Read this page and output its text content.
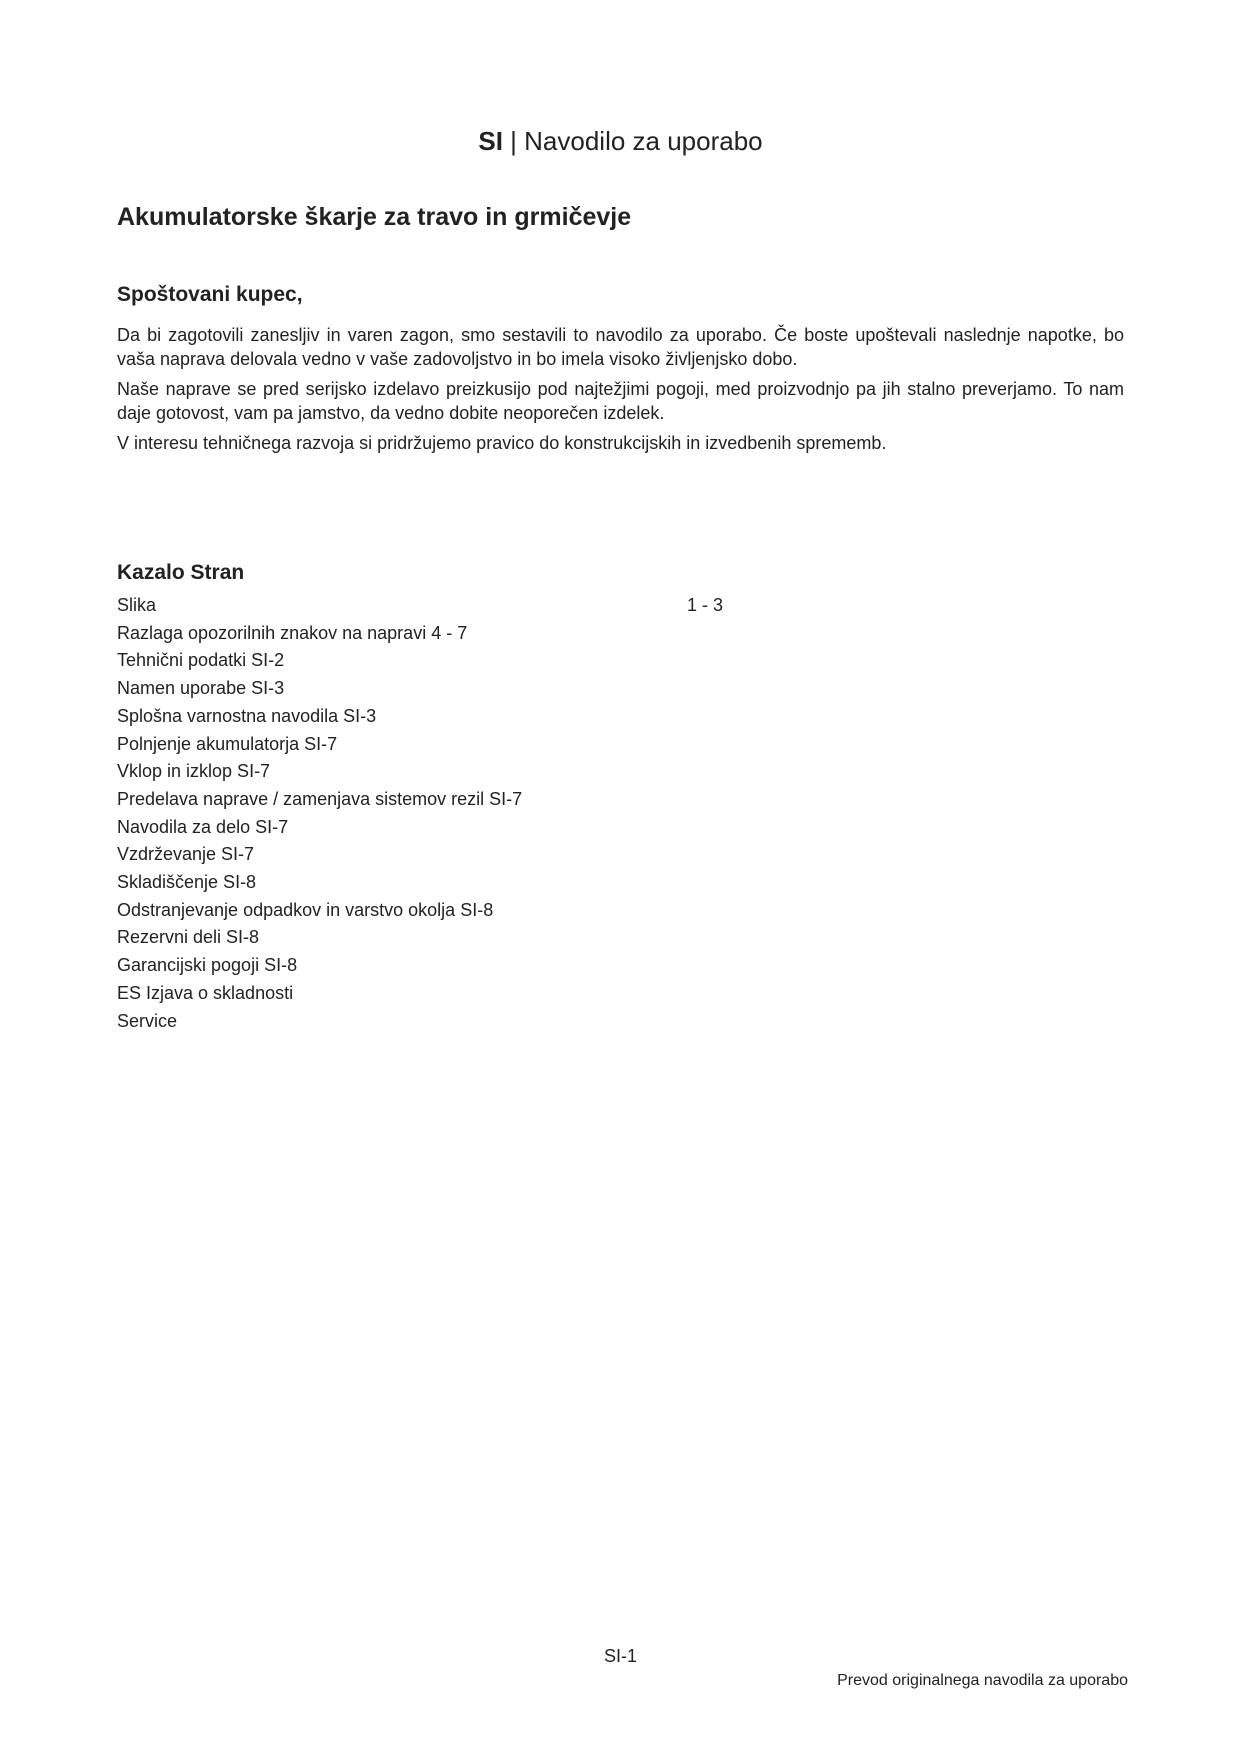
SI | Navodilo za uporabo
Akumulatorske škarje za travo in grmičevje
Spoštovani kupec,

Da bi zagotovili zanesljiv in varen zagon, smo sestavili to navodilo za uporabo. Če boste upoštevali naslednje napotke, bo vaša naprava delovala vedno v vaše zadovoljstvo in bo imela visoko življenjsko dobo.

Naše naprave se pred serijsko izdelavo preizkusijo pod najtežjimi pogoji, med proizvodnjo pa jih stalno preverjamo. To nam daje gotovost, vam pa jamstvo, da vedno dobite neoporečen izdelek.

V interesu tehničnega razvoja si pridržujemo pravico do konstrukcijskih in izvedbenih sprememb.

Kazalo Stran
Slika	1 - 3
Razlaga opozorilnih znakov na napravi 4 - 7
Tehnični podatki SI-2
Namen uporabe SI-3
Splošna varnostna navodila SI-3
Polnjenje akumulatorja SI-7
Vklop in izklop SI-7
Predelava naprave / zamenjava sistemov rezil SI-7
Navodila za delo SI-7
Vzdrževanje SI-7
Skladiščenje SI-8
Odstranjevanje odpadkov in varstvo okolja SI-8
Rezervni deli SI-8
Garancijski pogoji SI-8
ES Izjava o skladnosti
Service
SI-1
Prevod originalnega navodila za uporabo
